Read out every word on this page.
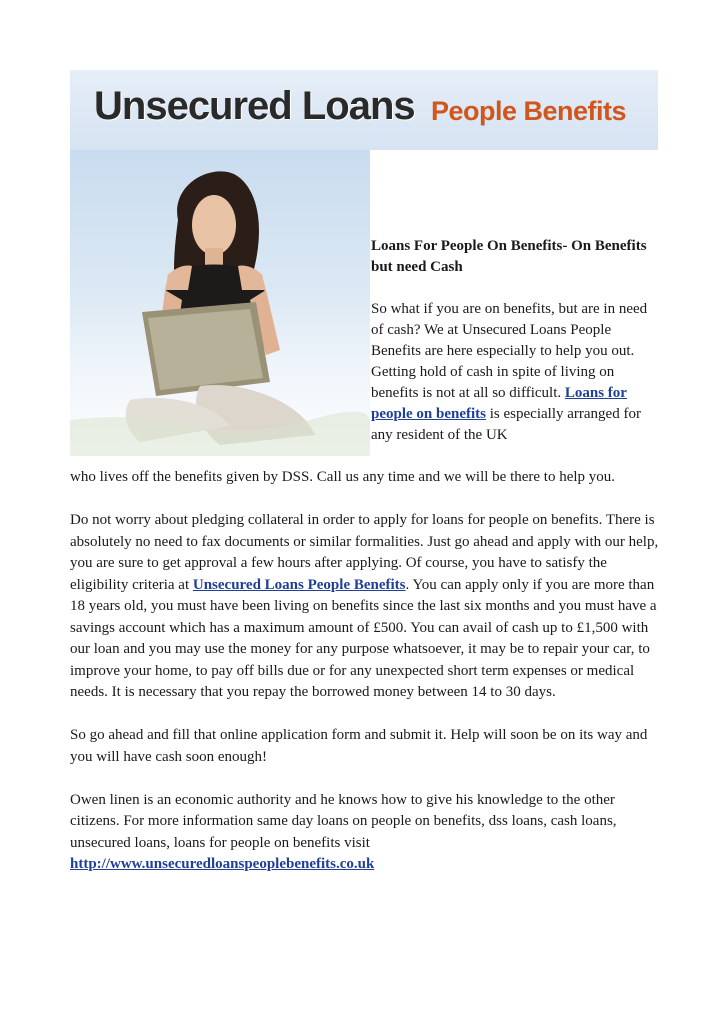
Unsecured Loans People Benefits
Loans For People On Benefits- On Benefits but need Cash

So what if you are on benefits, but are in need of cash? We at Unsecured Loans People Benefits are here especially to help you out. Getting hold of cash in spite of living on benefits is not at all so difficult. Loans for people on benefits is especially arranged for any resident of the UK

who lives off the benefits given by DSS. Call us any time and we will be there to help you.

Do not worry about pledging collateral in order to apply for loans for people on benefits. There is absolutely no need to fax documents or similar formalities. Just go ahead and apply with our help, you are sure to get approval a few hours after applying. Of course, you have to satisfy the eligibility criteria at Unsecured Loans People Benefits. You can apply only if you are more than 18 years old, you must have been living on benefits since the last six months and you must have a savings account which has a maximum amount of £500. You can avail of cash up to £1,500 with our loan and you may use the money for any purpose whatsoever, it may be to repair your car, to improve your home, to pay off bills due or for any unexpected short term expenses or medical needs. It is necessary that you repay the borrowed money between 14 to 30 days.

So go ahead and fill that online application form and submit it. Help will soon be on its way and you will have cash soon enough!

Owen linen is an economic authority and he knows how to give his knowledge to the other citizens. For more information same day loans on people on benefits, dss loans, cash loans, unsecured loans, loans for people on benefits visit http://www.unsecuredloanspeoplebenefits.co.uk
